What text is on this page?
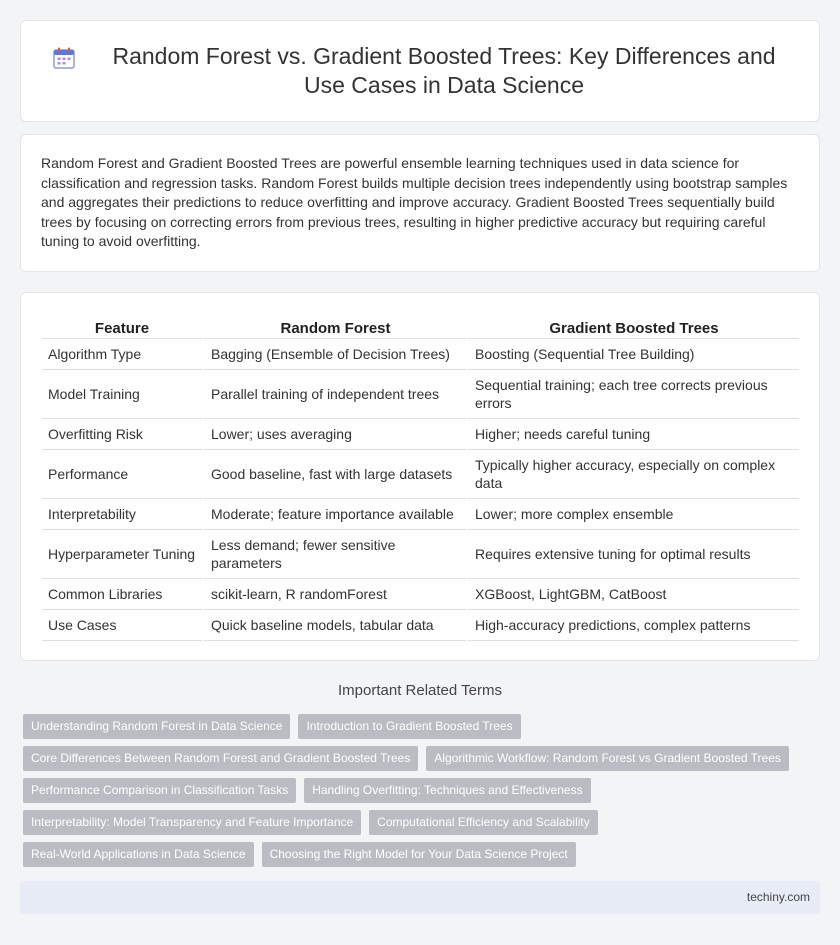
Random Forest vs. Gradient Boosted Trees: Key Differences and Use Cases in Data Science

Random Forest and Gradient Boosted Trees are powerful ensemble learning techniques used in data science for classification and regression tasks. Random Forest builds multiple decision trees independently using bootstrap samples and aggregates their predictions to reduce overfitting and improve accuracy. Gradient Boosted Trees sequentially build trees by focusing on correcting errors from previous trees, resulting in higher predictive accuracy but requiring careful tuning to avoid overfitting.

Feature	Random Forest	Gradient Boosted Trees
Algorithm Type	Bagging (Ensemble of Decision Trees)	Boosting (Sequential Tree Building)
Model Training	Parallel training of independent trees	Sequential training; each tree corrects previous errors
Overfitting Risk	Lower; uses averaging	Higher; needs careful tuning
Performance	Good baseline, fast with large datasets	Typically higher accuracy, especially on complex data
Interpretability	Moderate; feature importance available	Lower; more complex ensemble
Hyperparameter Tuning	Less demand; fewer sensitive parameters	Requires extensive tuning for optimal results
Common Libraries	scikit-learn, R randomForest	XGBoost, LightGBM, CatBoost
Use Cases	Quick baseline models, tabular data	High-accuracy predictions, complex patterns
Important Related Terms
Understanding Random Forest in Data Science	Introduction to Gradient Boosted Trees
Core Differences Between Random Forest and Gradient Boosted Trees	Algorithmic Workflow: Random Forest vs Gradient Boosted Trees
Performance Comparison in Classification Tasks	Handling Overfitting: Techniques and Effectiveness
Interpretability: Model Transparency and Feature Importance	Computational Efficiency and Scalability
Real-World Applications in Data Science	Choosing the Right Model for Your Data Science Project
techiny.com
